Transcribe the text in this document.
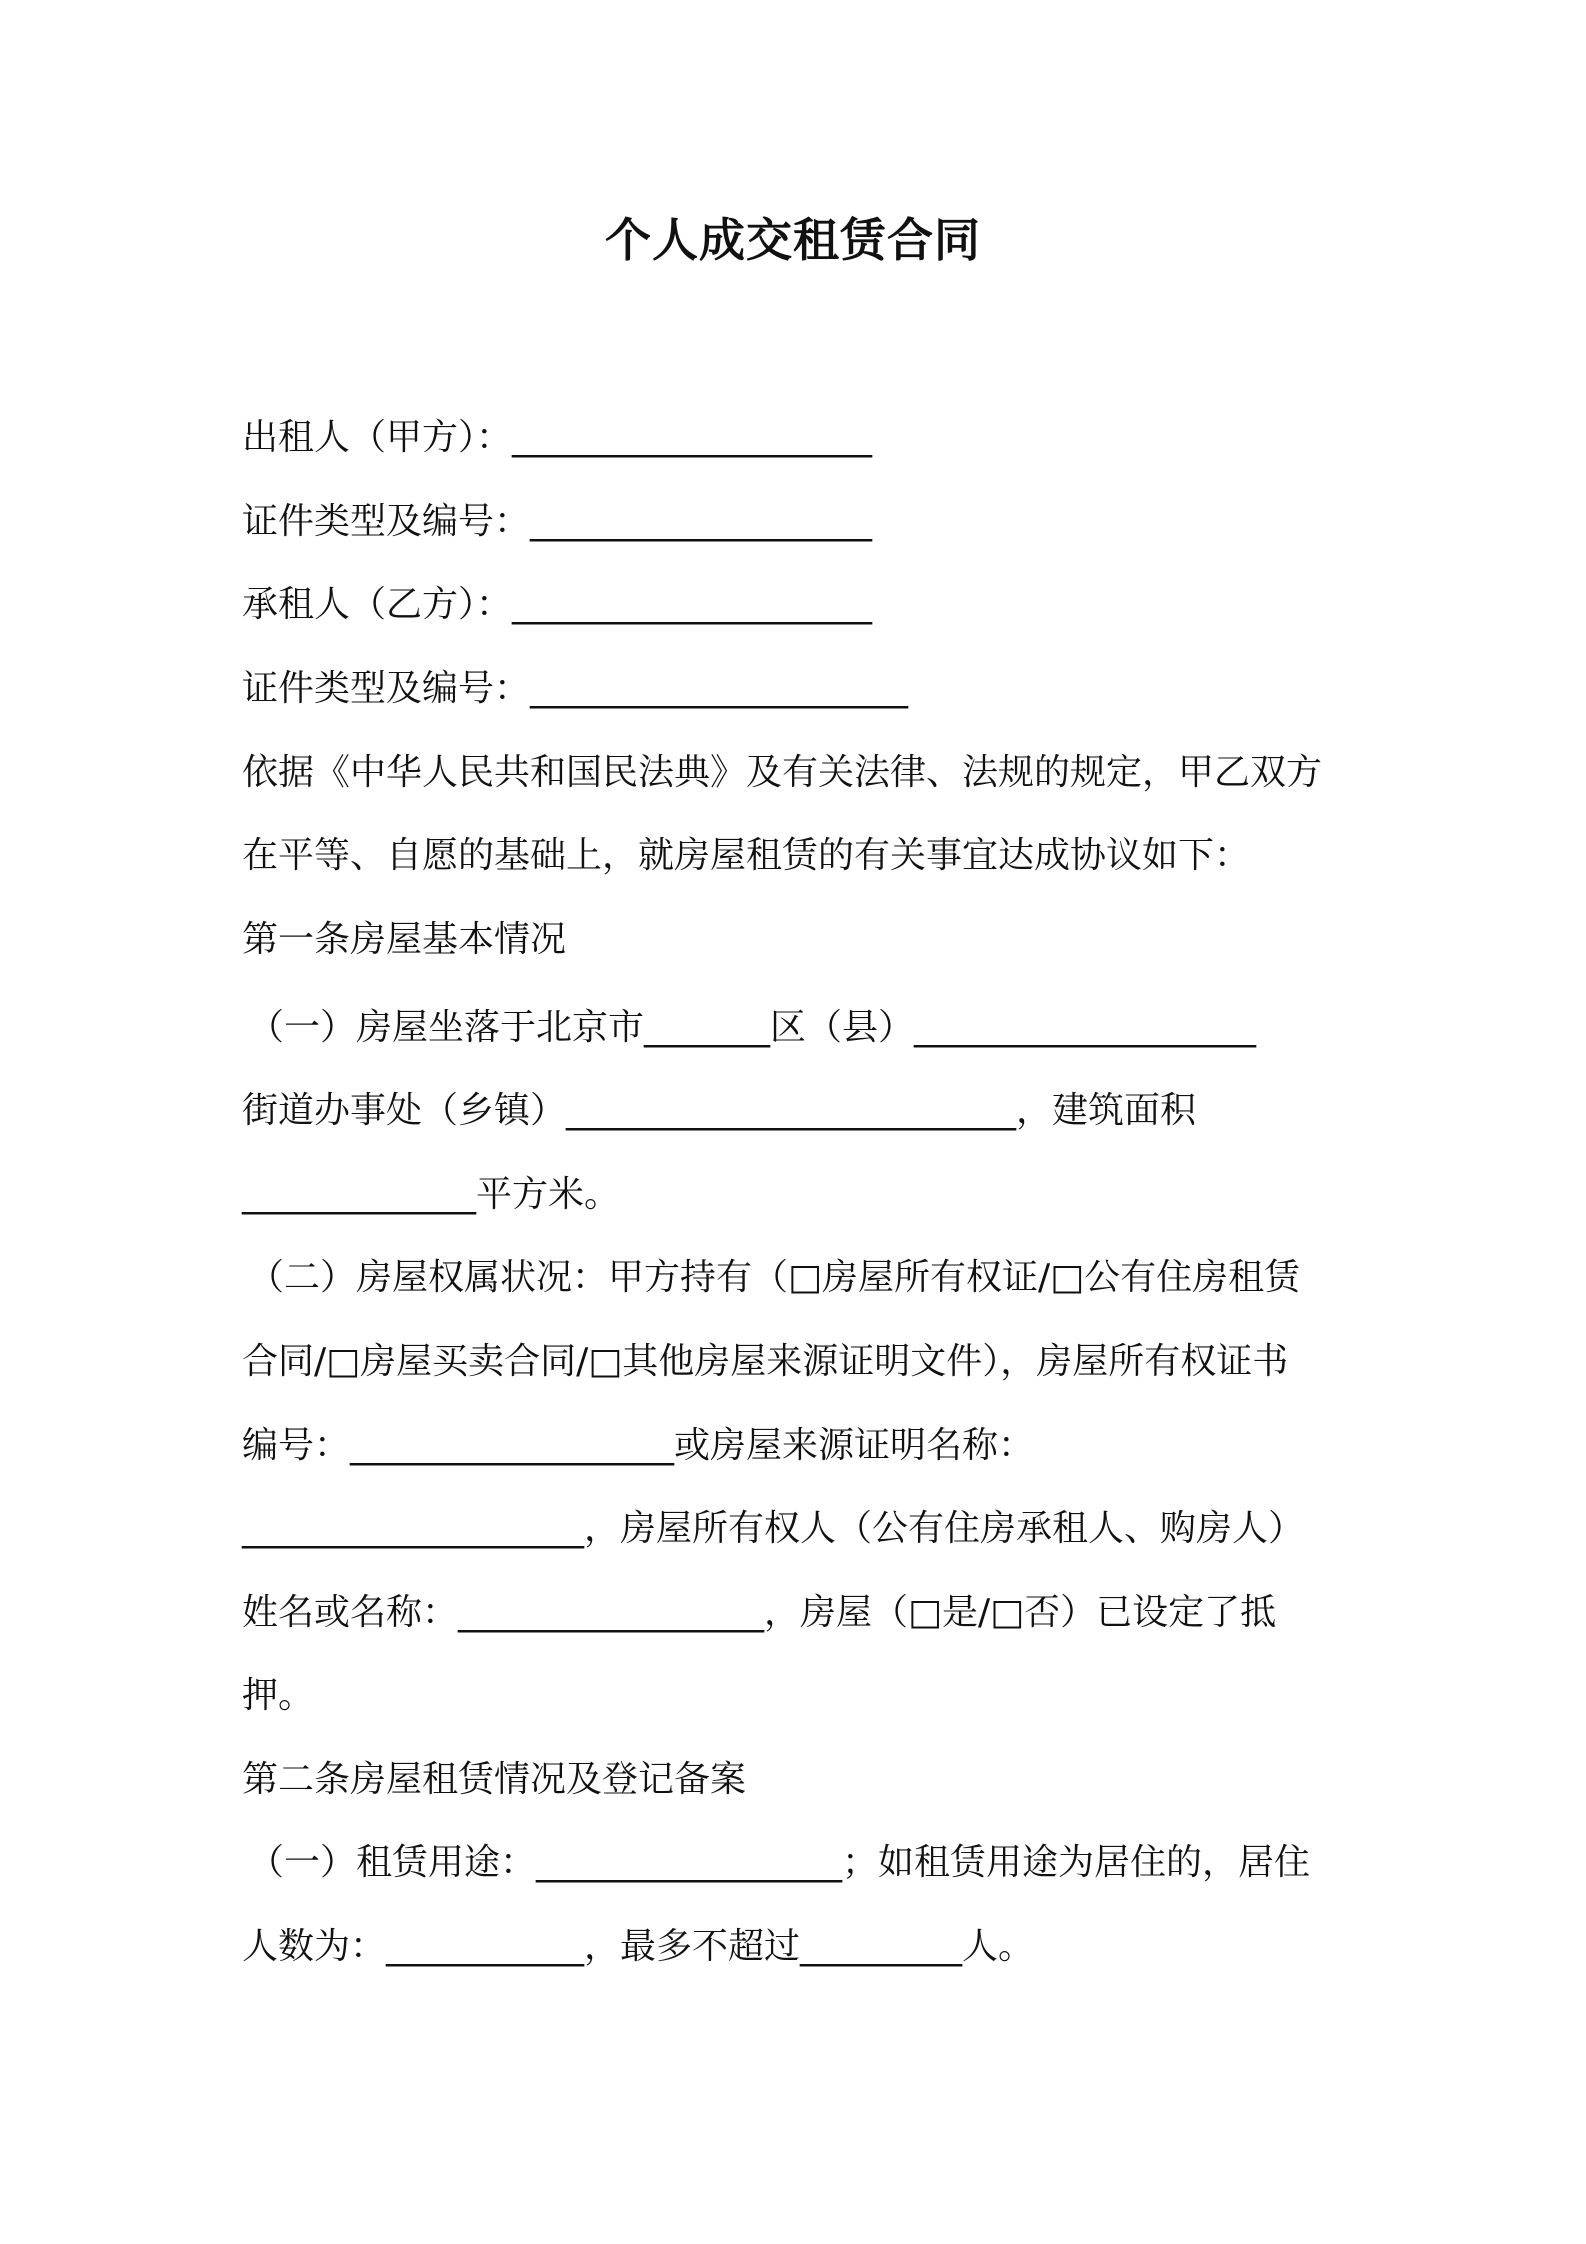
个人成交租赁合同
出租人（甲方）：____________________
证件类型及编号：___________________
承租人（乙方）：____________________
证件类型及编号：_____________________
依据《中华人民共和国民法典》及有关法律、法规的规定，甲乙双方
在平等、自愿的基础上，就房屋租赁的有关事宜达成协议如下：
第一条房屋基本情况
（一）房屋坐落于北京市_______区（县）___________________
街道办事处（乡镇）_________________________，建筑面积
_____________平方米。
（二）房屋权属状况：甲方持有（□房屋所有权证/□公有住房租赁
合同/□房屋买卖合同/□其他房屋来源证明文件），房屋所有权证书
编号：__________________或房屋来源证明名称：
___________________，房屋所有权人（公有住房承租人、购房人）
姓名或名称：_________________，房屋（□是/□否）已设定了抵
押。
第二条房屋租赁情况及登记备案
（一）租赁用途：_________________；如租赁用途为居住的，居住
人数为：___________，最多不超过_________人。
